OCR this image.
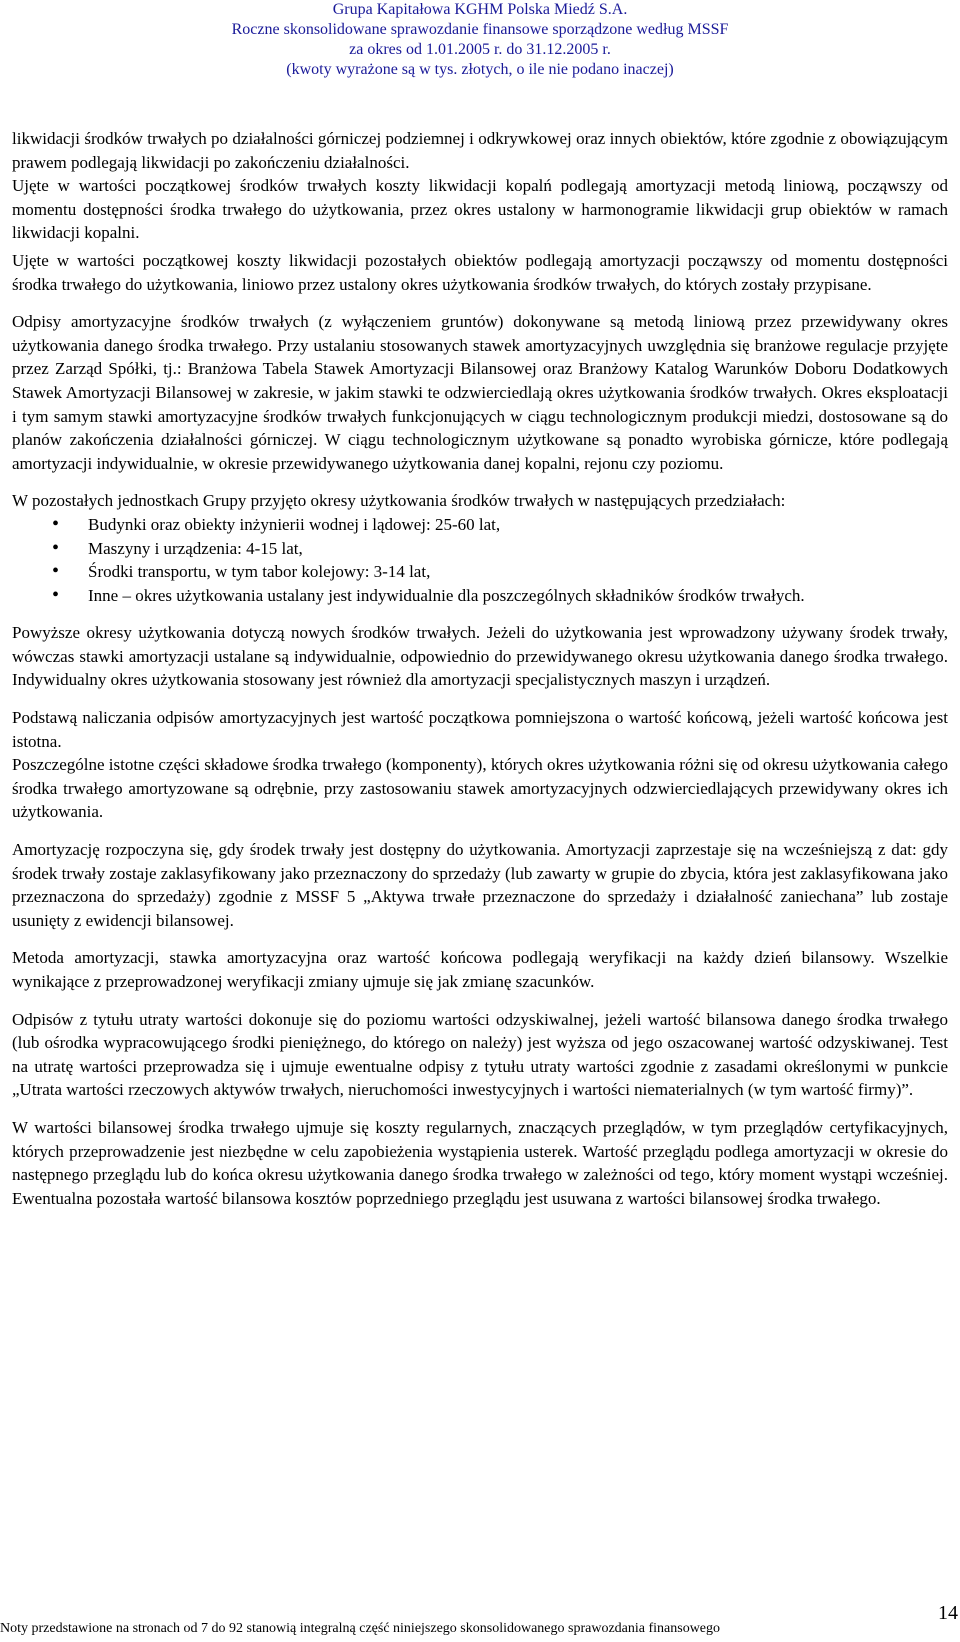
Grupa Kapitałowa KGHM Polska Miedź S.A.
Roczne skonsolidowane sprawozdanie finansowe sporządzone według MSSF
za okres od 1.01.2005 r. do 31.12.2005 r.
(kwoty wyrażone są w tys. złotych, o ile nie podano inaczej)

likwidacji środków trwałych po działalności górniczej podziemnej i odkrywkowej oraz innych obiektów, które zgodnie z obowiązującym prawem podlegają likwidacji po zakończeniu działalności.

Ujęte w wartości początkowej środków trwałych koszty likwidacji kopalń podlegają amortyzacji metodą liniową, począwszy od momentu dostępności środka trwałego do użytkowania, przez okres ustalony w harmonogramie likwidacji grup obiektów w ramach likwidacji kopalni.

Ujęte w wartości początkowej koszty likwidacji pozostałych obiektów podlegają amortyzacji począwszy od momentu dostępności środka trwałego do użytkowania, liniowo przez ustalony okres użytkowania środków trwałych, do których zostały przypisane.

Odpisy amortyzacyjne środków trwałych (z wyłączeniem gruntów) dokonywane są metodą liniową przez przewidywany okres użytkowania danego środka trwałego. Przy ustalaniu stosowanych stawek amortyzacyjnych uwzględnia się branżowe regulacje przyjęte przez Zarząd Spółki, tj.: Branżowa Tabela Stawek Amortyzacji Bilansowej oraz Branżowy Katalog Warunków Doboru Dodatkowych Stawek Amortyzacji Bilansowej w zakresie, w jakim stawki te odzwierciedlają okres użytkowania środków trwałych. Okres eksploatacji i tym samym stawki amortyzacyjne środków trwałych funkcjonujących w ciągu technologicznym produkcji miedzi, dostosowane są do planów zakończenia działalności górniczej. W ciągu technologicznym użytkowane są ponadto wyrobiska górnicze, które podlegają amortyzacji indywidualnie, w okresie przewidywanego użytkowania danej kopalni, rejonu czy poziomu.

W pozostałych jednostkach Grupy przyjęto okresy użytkowania środków trwałych w następujących przedziałach:

• Budynki oraz obiekty inżynierii wodnej i lądowej: 25-60 lat,
• Maszyny i urządzenia: 4-15 lat,
• Środki transportu, w tym tabor kolejowy: 3-14 lat,
• Inne – okres użytkowania ustalany jest indywidualnie dla poszczególnych składników środków trwałych.

Powyższe okresy użytkowania dotyczą nowych środków trwałych. Jeżeli do użytkowania jest wprowadzony używany środek trwały, wówczas stawki amortyzacji ustalane są indywidualnie, odpowiednio do przewidywanego okresu użytkowania danego środka trwałego. Indywidualny okres użytkowania stosowany jest również dla amortyzacji specjalistycznych maszyn i urządzeń.

Podstawą naliczania odpisów amortyzacyjnych jest wartość początkowa pomniejszona o wartość końcową, jeżeli wartość końcowa jest istotna.

Poszczególne istotne części składowe środka trwałego (komponenty), których okres użytkowania różni się od okresu użytkowania całego środka trwałego amortyzowane są odrębnie, przy zastosowaniu stawek amortyzacyjnych odzwierciedlających przewidywany okres ich użytkowania.

Amortyzację rozpoczyna się, gdy środek trwały jest dostępny do użytkowania. Amortyzacji zaprzestaje się na wcześniejszą z dat: gdy środek trwały zostaje zaklasyfikowany jako przeznaczony do sprzedaży (lub zawarty w grupie do zbycia, która jest zaklasyfikowana jako przeznaczona do sprzedaży) zgodnie z MSSF 5 „Aktywa trwałe przeznaczone do sprzedaży i działalność zaniechana” lub zostaje usunięty z ewidencji bilansowej.

Metoda amortyzacji, stawka amortyzacyjna oraz wartość końcowa podlegają weryfikacji na każdy dzień bilansowy. Wszelkie wynikające z przeprowadzonej weryfikacji zmiany ujmuje się jak zmianę szacunków.

Odpisów z tytułu utraty wartości dokonuje się do poziomu wartości odzyskiwalnej, jeżeli wartość bilansowa danego środka trwałego (lub ośrodka wypracowującego środki pieniężnego, do którego on należy) jest wyższa od jego oszacowanej wartość odzyskiwanej. Test na utratę wartości przeprowadza się i ujmuje ewentualne odpisy z tytułu utraty wartości zgodnie z zasadami określonymi w punkcie „Utrata wartości rzeczowych aktywów trwałych, nieruchomości inwestycyjnych i wartości niematerialnych (w tym wartość firmy)”.

W wartości bilansowej środka trwałego ujmuje się koszty regularnych, znaczących przeglądów, w tym przeglądów certyfikacyjnych, których przeprowadzenie jest niezbędne w celu zapobieżenia wystąpienia usterek. Wartość przeglądu podlega amortyzacji w okresie do następnego przeglądu lub do końca okresu użytkowania danego środka trwałego w zależności od tego, który moment wystąpi wcześniej. Ewentualna pozostała wartość bilansowa kosztów poprzedniego przeglądu jest usuwana z wartości bilansowej środka trwałego.

Noty przedstawione na stronach od 7 do 92 stanowią integralną część niniejszego skonsolidowanego sprawozdania finansowego
14
